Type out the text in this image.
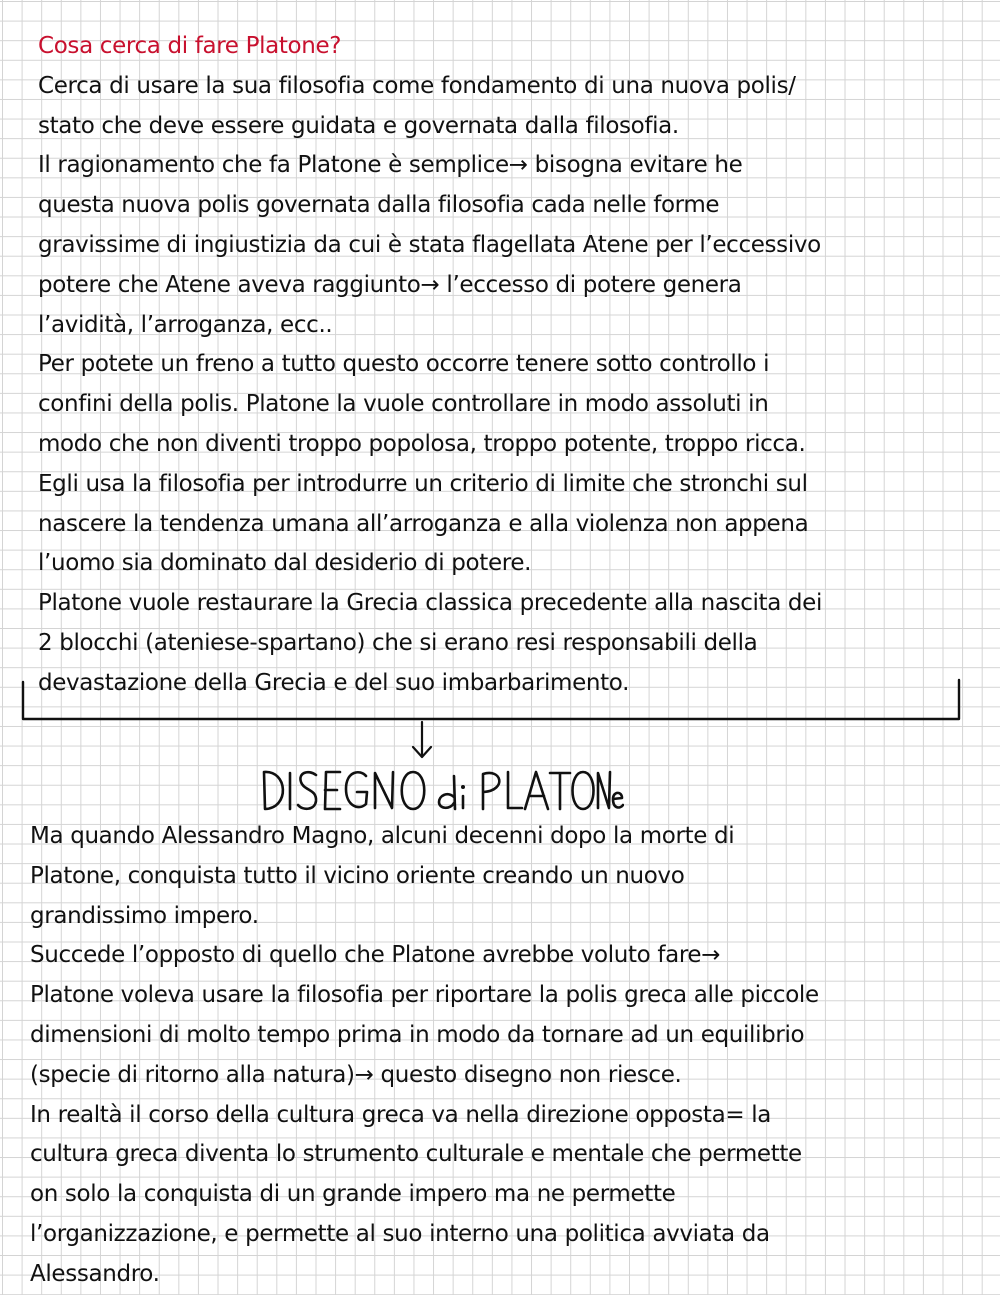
Cosa cerca di fare Platone?
Cerca di usare la sua filosofia come fondamento di una nuova polis/
stato che deve essere guidata e governata dalla filosofia.
Il ragionamento che fa Platone è semplice→ bisogna evitare he
questa nuova polis governata dalla filosofia cada nelle forme
gravissime di ingiustizia da cui è stata flagellata Atene per l’eccessivo
potere che Atene aveva raggiunto→ l’eccesso di potere genera
l’avidità, l’arroganza, ecc..
Per potete un freno a tutto questo occorre tenere sotto controllo i
confini della polis. Platone la vuole controllare in modo assoluti in
modo che non diventi troppo popolosa, troppo potente, troppo ricca.
Egli usa la filosofia per introdurre un criterio di limite che stronchi sul
nascere la tendenza umana all’arroganza e alla violenza non appena
l’uomo sia dominato dal desiderio di potere.
Platone vuole restaurare la Grecia classica precedente alla nascita dei
2 blocchi (ateniese-spartano) che si erano resi responsabili della
devastazione della Grecia e del suo imbarbarimento.
Ma quando Alessandro Magno, alcuni decenni dopo la morte di
Platone, conquista tutto il vicino oriente creando un nuovo
grandissimo impero.
Succede l’opposto di quello che Platone avrebbe voluto fare→
Platone voleva usare la filosofia per riportare la polis greca alle piccole
dimensioni di molto tempo prima in modo da tornare ad un equilibrio
(specie di ritorno alla natura)→ questo disegno non riesce.
In realtà il corso della cultura greca va nella direzione opposta= la
cultura greca diventa lo strumento culturale e mentale che permette
on solo la conquista di un grande impero ma ne permette
l’organizzazione, e permette al suo interno una politica avviata da
Alessandro.
